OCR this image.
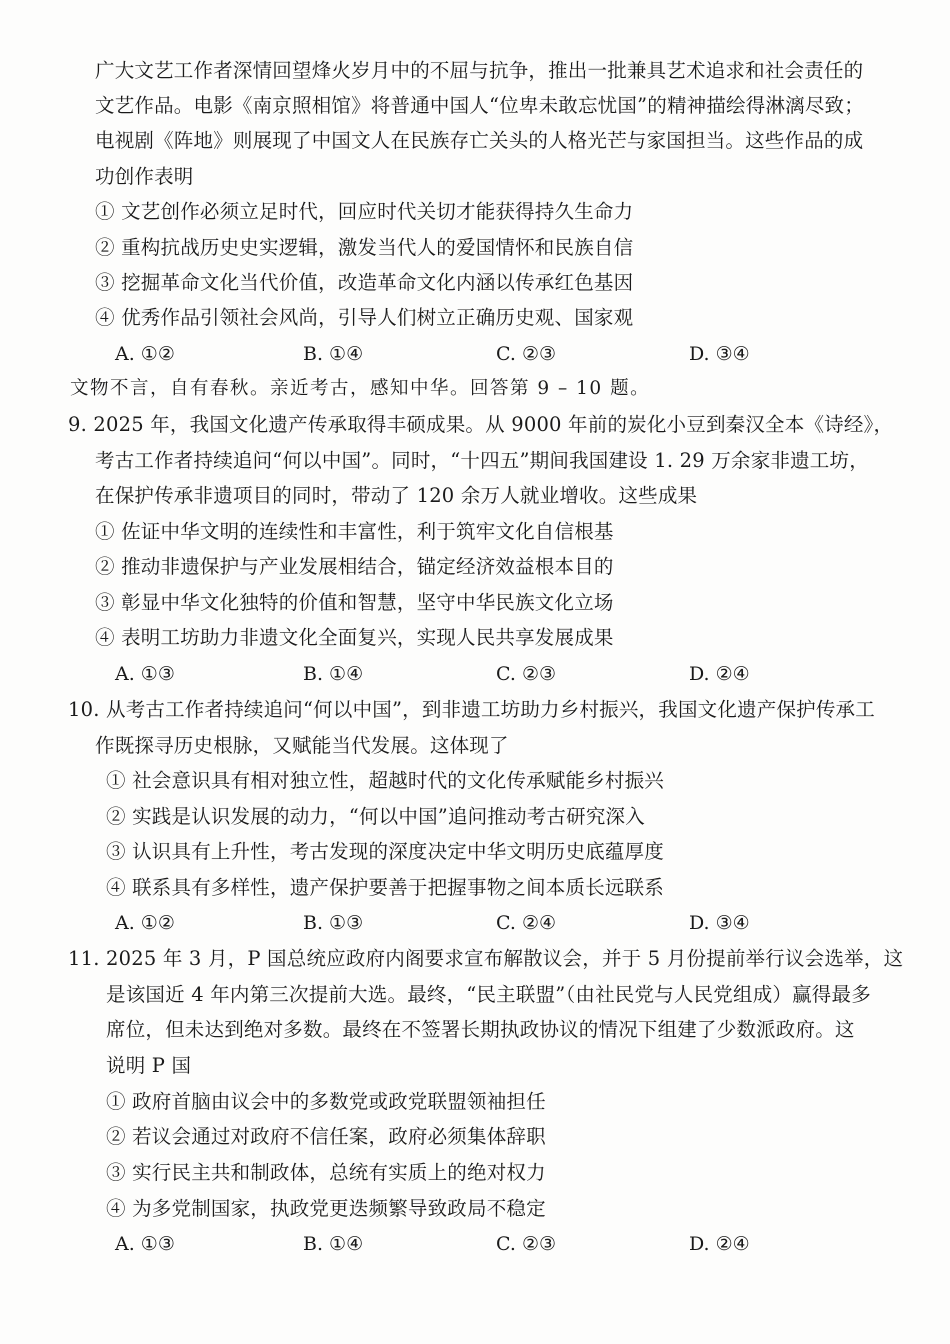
广大文艺工作者深情回望烽火岁月中的不屈与抗争，推出一批兼具艺术追求和社会责任的
文艺作品。电影《南京照相馆》将普通中国人“位卑未敢忘忧国”的精神描绘得淋漓尽致；
电视剧《阵地》则展现了中国文人在民族存亡关头的人格光芒与家国担当。这些作品的成
功创作表明
① 文艺创作必须立足时代，回应时代关切才能获得持久生命力
② 重构抗战历史史实逻辑，激发当代人的爱国情怀和民族自信
③ 挖掘革命文化当代价值，改造革命文化内涵以传承红色基因
④ 优秀作品引领社会风尚，引导人们树立正确历史观、国家观
A. ①②	B. ①④	C. ②③	D. ③④
文物不言，自有春秋。亲近考古，感知中华。回答第 9 – 10 题。
9. 2025 年，我国文化遗产传承取得丰硕成果。从 9000 年前的炭化小豆到秦汉全本《诗经》，
考古工作者持续追问“何以中国”。同时，“十四五”期间我国建设 1. 29 万余家非遗工坊，
在保护传承非遗项目的同时，带动了 120 余万人就业增收。这些成果
① 佐证中华文明的连续性和丰富性，利于筑牢文化自信根基
② 推动非遗保护与产业发展相结合，锚定经济效益根本目的
③ 彰显中华文化独特的价值和智慧，坚守中华民族文化立场
④ 表明工坊助力非遗文化全面复兴，实现人民共享发展成果
A. ①③	B. ①④	C. ②③	D. ②④
10. 从考古工作者持续追问“何以中国”，到非遗工坊助力乡村振兴，我国文化遗产保护传承工
作既探寻历史根脉，又赋能当代发展。这体现了
① 社会意识具有相对独立性，超越时代的文化传承赋能乡村振兴
② 实践是认识发展的动力，“何以中国”追问推动考古研究深入
③ 认识具有上升性，考古发现的深度决定中华文明历史底蕴厚度
④ 联系具有多样性，遗产保护要善于把握事物之间本质长远联系
A. ①②	B. ①③	C. ②④	D. ③④
11. 2025 年 3 月，P 国总统应政府内阁要求宣布解散议会，并于 5 月份提前举行议会选举，这
是该国近 4 年内第三次提前大选。最终，“民主联盟”（由社民党与人民党组成）赢得最多
席位，但未达到绝对多数。最终在不签署长期执政协议的情况下组建了少数派政府。这
说明 P 国
① 政府首脑由议会中的多数党或政党联盟领袖担任
② 若议会通过对政府不信任案，政府必须集体辞职
③ 实行民主共和制政体，总统有实质上的绝对权力
④ 为多党制国家，执政党更迭频繁导致政局不稳定
A. ①③	B. ①④	C. ②③	D. ②④
